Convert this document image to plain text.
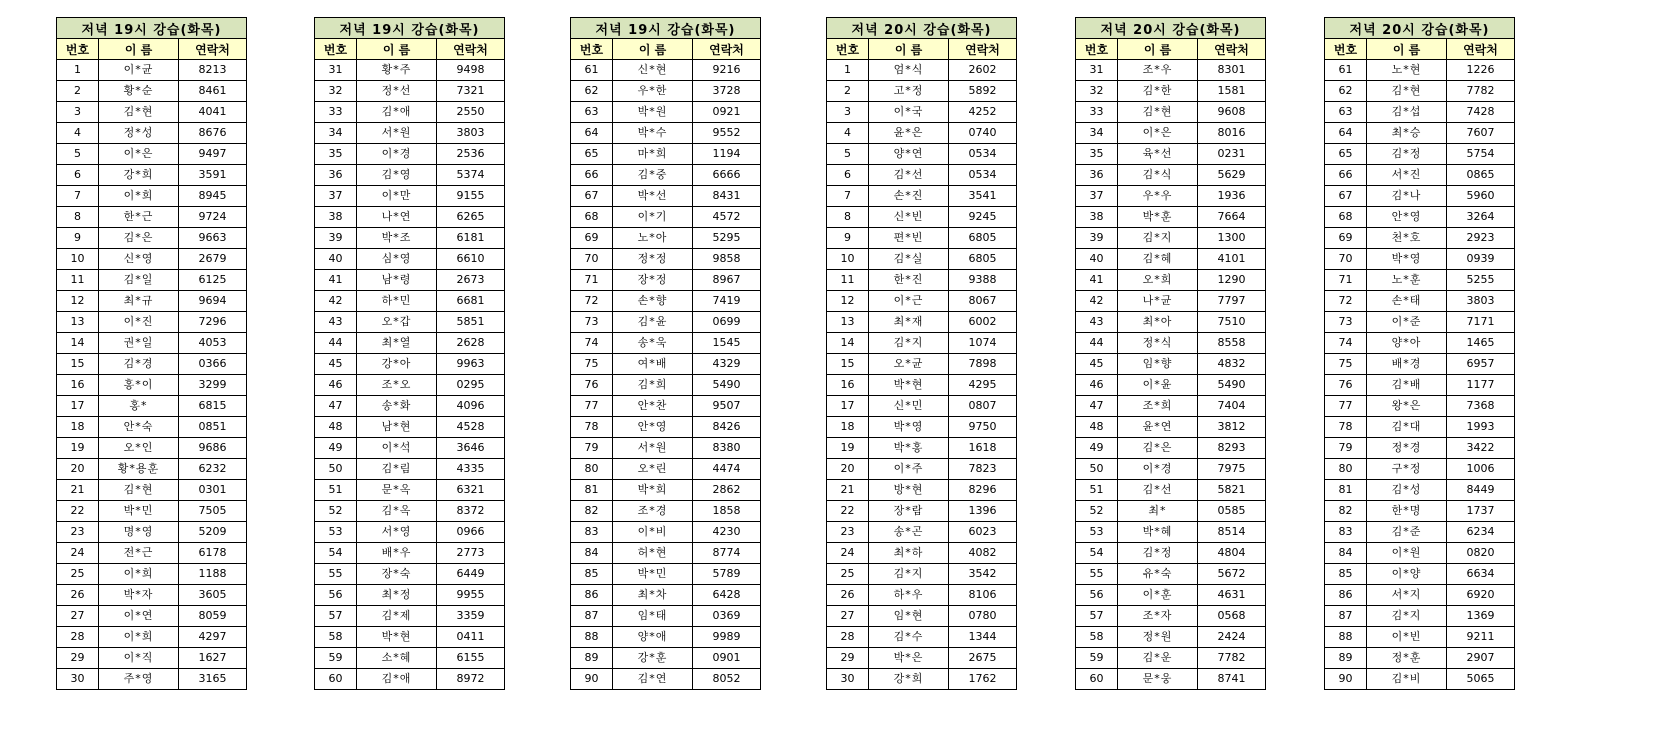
저녁 19시 강습(화목)		
번호	이 름	연락처
1	이*균	8213
2	황*순	8461
3	김*현	4041
4	정*성	8676
5	이*은	9497
6	강*희	3591
7	이*희	8945
8	한*근	9724
9	김*은	9663
10	신*영	2679
11	김*일	6125
12	최*규	9694
13	이*진	7296
14	권*일	4053
15	김*경	0366
16	홍*이	3299
17	홍*	6815
18	안*숙	0851
19	오*인	9686
20	황*용훈	6232
21	김*현	0301
22	박*민	7505
23	명*영	5209
24	전*근	6178
25	이*희	1188
26	박*자	3605
27	이*연	8059
28	이*희	4297
29	이*직	1627
30	주*영	3165
저녁 19시 강습(화목)		
번호	이 름	연락처
31	황*주	9498
32	정*선	7321
33	김*애	2550
34	서*원	3803
35	이*경	2536
36	김*영	5374
37	이*만	9155
38	나*연	6265
39	박*조	6181
40	심*영	6610
41	남*령	2673
42	하*민	6681
43	오*갑	5851
44	최*열	2628
45	강*아	9963
46	조*오	0295
47	송*화	4096
48	남*현	4528
49	이*석	3646
50	김*림	4335
51	문*옥	6321
52	김*옥	8372
53	서*영	0966
54	배*우	2773
55	장*숙	6449
56	최*정	9955
57	김*제	3359
58	박*현	0411
59	소*혜	6155
60	김*애	8972
저녁 19시 강습(화목)		
번호	이 름	연락처
61	신*현	9216
62	우*한	3728
63	박*원	0921
64	박*수	9552
65	마*희	1194
66	김*중	6666
67	박*선	8431
68	이*기	4572
69	노*아	5295
70	정*정	9858
71	장*정	8967
72	손*향	7419
73	김*윤	0699
74	송*욱	1545
75	여*배	4329
76	김*희	5490
77	안*찬	9507
78	안*영	8426
79	서*원	8380
80	오*린	4474
81	박*희	2862
82	조*경	1858
83	이*비	4230
84	허*현	8774
85	박*민	5789
86	최*차	6428
87	임*태	0369
88	양*애	9989
89	강*훈	0901
90	김*연	8052
저녁 20시 강습(화목)		
번호	이 름	연락처
1	엄*식	2602
2	고*정	5892
3	이*국	4252
4	윤*은	0740
5	양*연	0534
6	김*선	0534
7	손*진	3541
8	신*빈	9245
9	편*빈	6805
10	김*실	6805
11	한*진	9388
12	이*근	8067
13	최*재	6002
14	김*지	1074
15	오*균	7898
16	박*현	4295
17	신*민	0807
18	박*영	9750
19	박*홍	1618
20	이*주	7823
21	방*현	8296
22	장*람	1396
23	송*곤	6023
24	최*하	4082
25	김*지	3542
26	하*우	8106
27	임*현	0780
28	김*수	1344
29	박*은	2675
30	강*희	1762
저녁 20시 강습(화목)		
번호	이 름	연락처
31	조*우	8301
32	김*한	1581
33	김*현	9608
34	이*은	8016
35	육*선	0231
36	김*식	5629
37	우*우	1936
38	박*훈	7664
39	김*지	1300
40	김*혜	4101
41	오*희	1290
42	나*균	7797
43	최*아	7510
44	정*식	8558
45	임*향	4832
46	이*윤	5490
47	조*희	7404
48	윤*연	3812
49	김*은	8293
50	이*경	7975
51	김*선	5821
52	최*	0585
53	박*혜	8514
54	김*정	4804
55	유*숙	5672
56	이*훈	4631
57	조*자	0568
58	정*원	2424
59	김*운	7782
60	문*웅	8741
저녁 20시 강습(화목)		
번호	이 름	연락처
61	노*현	1226
62	김*현	7782
63	김*섭	7428
64	최*승	7607
65	김*정	5754
66	서*진	0865
67	김*나	5960
68	안*영	3264
69	천*호	2923
70	박*영	0939
71	노*훈	5255
72	손*태	3803
73	이*준	7171
74	양*아	1465
75	배*경	6957
76	김*배	1177
77	왕*은	7368
78	김*대	1993
79	정*경	3422
80	구*정	1006
81	김*성	8449
82	한*명	1737
83	김*준	6234
84	이*원	0820
85	이*양	6634
86	서*지	6920
87	김*지	1369
88	이*빈	9211
89	정*훈	2907
90	김*비	5065
